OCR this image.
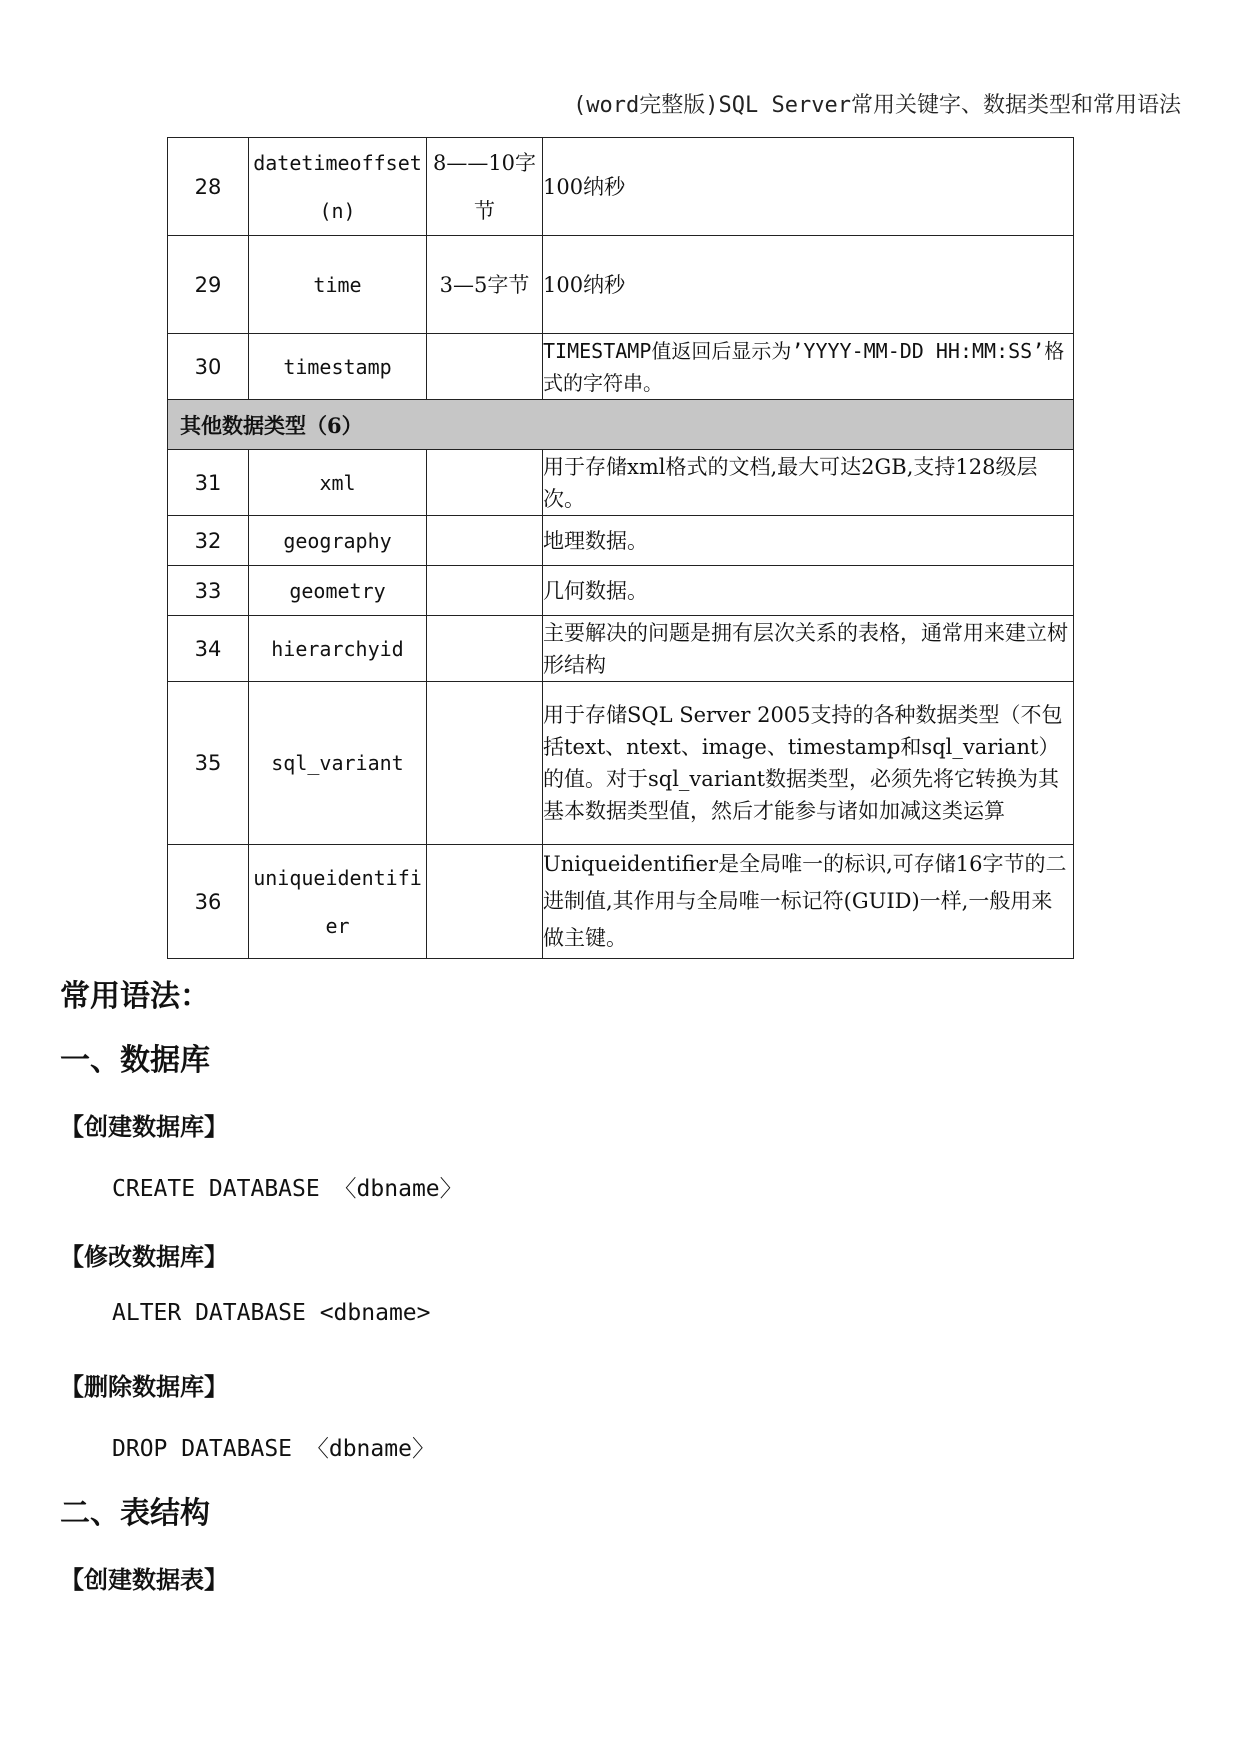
(word完整版)SQL Server常用关键字、数据类型和常用语法
28	datetimeoffset(n)	8——10字节	100纳秒
29	time	3—5字节	100纳秒
30	timestamp		TIMESTAMP值返回后显示为’YYYY-MM-DD HH:MM:SS’格式的字符串。
其他数据类型（6）			
31	xml		用于存储xml格式的文档,最大可达2GB,支持128级层次。
32	geography		地理数据。
33	geometry		几何数据。
34	hierarchyid		主要解决的问题是拥有层次关系的表格，通常用来建立树形结构
35	sql_variant		用于存储SQL Server 2005支持的各种数据类型（不包括text、ntext、image、timestamp和sql_variant）的值。对于sql_variant数据类型，必须先将它转换为其基本数据类型值，然后才能参与诸如加减这类运算
36	uniqueidentifier		Uniqueidentifier是全局唯一的标识,可存储16字节的二进制值,其作用与全局唯一标记符(GUID)一样,一般用来做主键。
常用语法：
一、数据库
【创建数据库】
CREATE DATABASE 〈dbname〉
【修改数据库】
ALTER DATABASE <dbname>
【删除数据库】
DROP DATABASE 〈dbname〉
二、表结构
【创建数据表】
